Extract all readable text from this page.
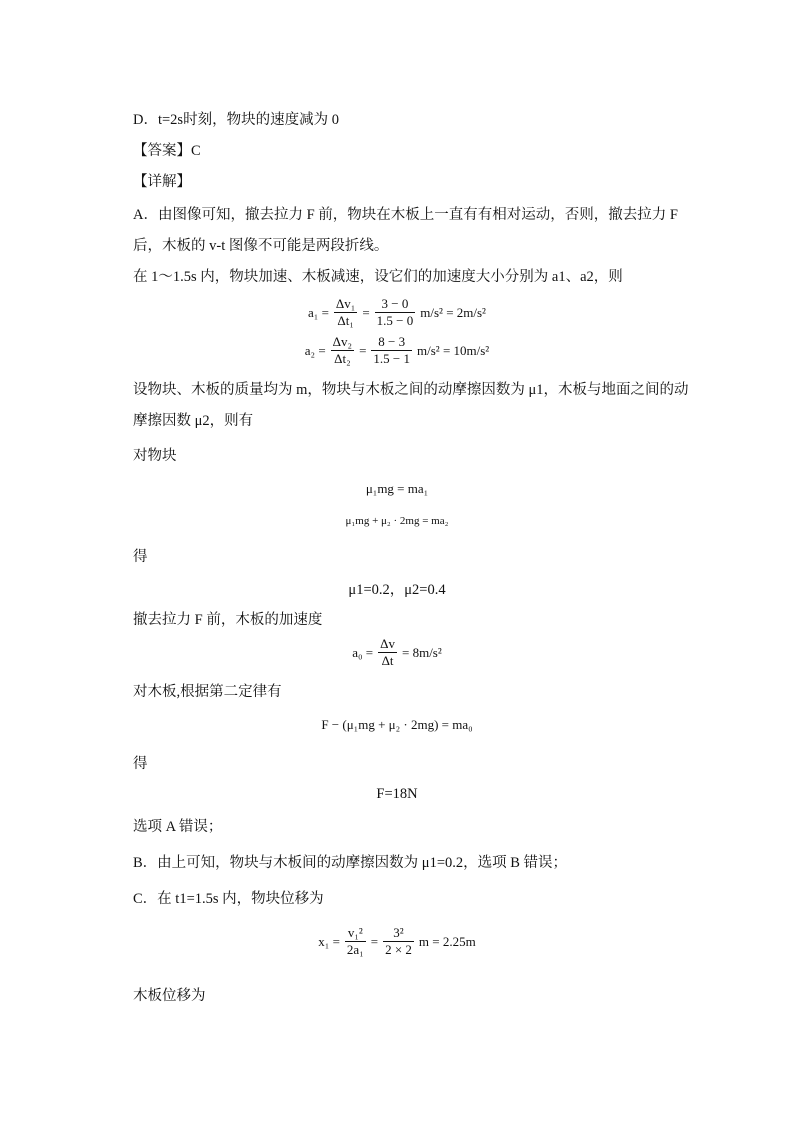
D．t=2s时刻，物块的速度减为 0
【答案】C
【详解】
A．由图像可知，撤去拉力 F 前，物块在木板上一直有有相对运动，否则，撤去拉力 F
后，木板的 v-t 图像不可能是两段折线。
在 1～1.5s 内，物块加速、木板减速，设它们的加速度大小分别为 a1、a2，则
$a_1 = \frac{\text{Δv₁}}{\text{Δt₁}} = \frac{3 - 0}{1.5 - 0} m/s^2 = 2m/s^2$
$a_2 = \frac{\text{Δv₂}}{\text{Δt₂}} = \frac{8 - 3}{1.5 - 1} m/s^2 = 10m/s^2$
设物块、木板的质量均为 m，物块与木板之间的动摩擦因数为 μ1，木板与地面之间的动
摩擦因数 μ2，则有
对物块
μ₁mg = ma₁
μ₁mg + μ₂ · 2mg = ma₂
得
μ1=0.2，μ2=0.4
撤去拉力 F 前，木板的加速度
$a_0 = \frac{\Delta v}{\Delta t} = 8m/s^2$
对木板,根据第二定律有
F − (μ₁mg + μ₂ · 2mg) = ma₀
得
F=18N
选项 A 错误；
B．由上可知，物块与木板间的动摩擦因数为 μ1=0.2，选项 B 错误；
C．在 t1=1.5s 内，物块位移为
$x_1 = \frac{\text{v₁²}}{\text{2a₁}} = \frac{\text{3²}}{2 \times 2}$ m = 2.25m
木板位移为
